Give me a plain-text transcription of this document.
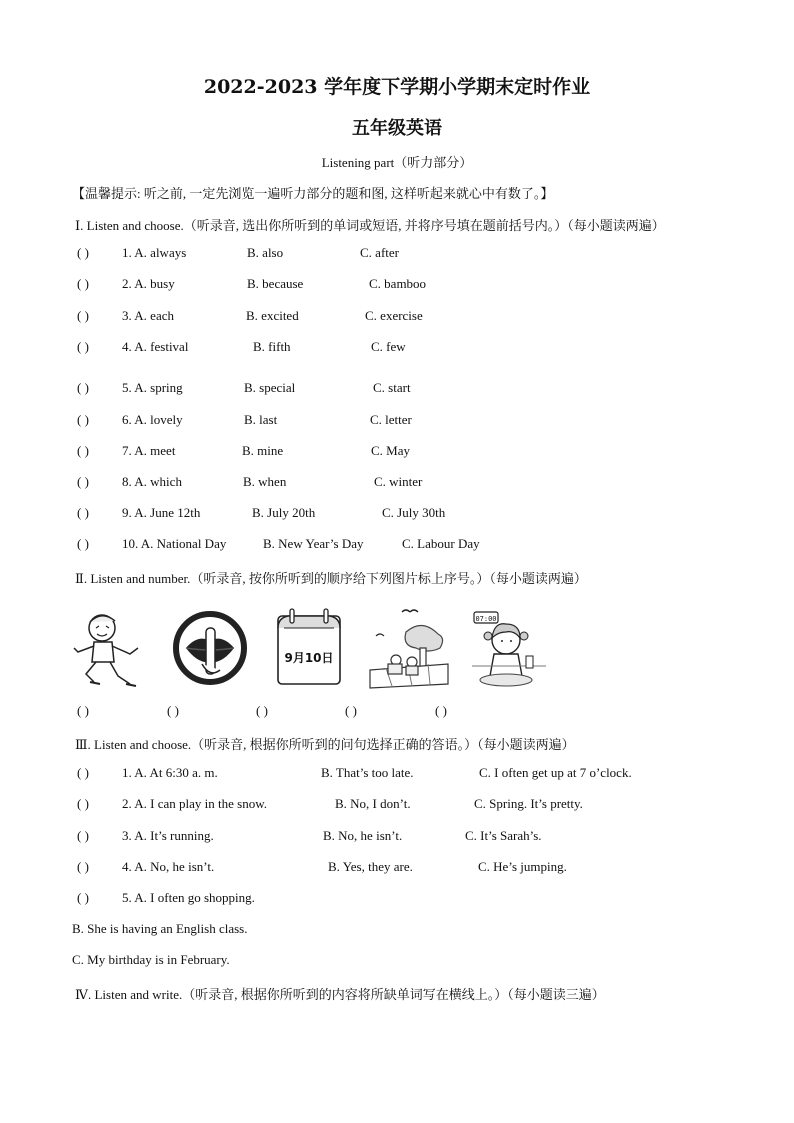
2022-2023 学年度下学期小学期末定时作业
五年级英语
Listening part（听力部分）
【温馨提示: 听之前, 一定先浏览一遍听力部分的题和图, 这样听起来就心中有数了。】
Ⅰ. Listen and choose.（听录音, 选出你所听到的单词或短语, 并将序号填在题前括号内。）（每小题读两遍）
( )	1. A. always	B. also	C. after
( )	2. A. busy	B. because	C. bamboo
( )	3. A. each	B. excited	C. exercise
( )	4. A. festival	B. fifth	C. few
( )	5. A. spring	B. special	C. start
( )	6. A. lovely	B. last	C. letter
( )	7. A. meet	B. mine	C. May
( )	8. A. which	B. when	C. winter
( )	9. A. June 12th	B. July 20th	C. July 30th
( )	10. A. National Day	B. New Year’s Day	C. Labour Day
Ⅱ. Listen and number.（听录音, 按你所听到的顺序给下列图片标上序号。）（每小题读两遍）
9月10日
07:00
( )	( )	( )	( )	( )
Ⅲ. Listen and choose.（听录音, 根据你所听到的问句选择正确的答语。）（每小题读两遍）
( )	1. A. At 6:30 a. m.	B. That’s too late.	C. I often get up at 7 o’clock.
( )	2. A. I can play in the snow.	B. No, I don’t.	C. Spring. It’s pretty.
( )	3. A. It’s running.	B. No, he isn’t.	C. It’s Sarah’s.
( )	4. A. No, he isn’t.	B. Yes, they are.	C. He’s jumping.
( )	5. A. I often go shopping.
B. She is having an English class.
C. My birthday is in February.
Ⅳ. Listen and write.（听录音, 根据你所听到的内容将所缺单词写在横线上。）（每小题读三遍）
